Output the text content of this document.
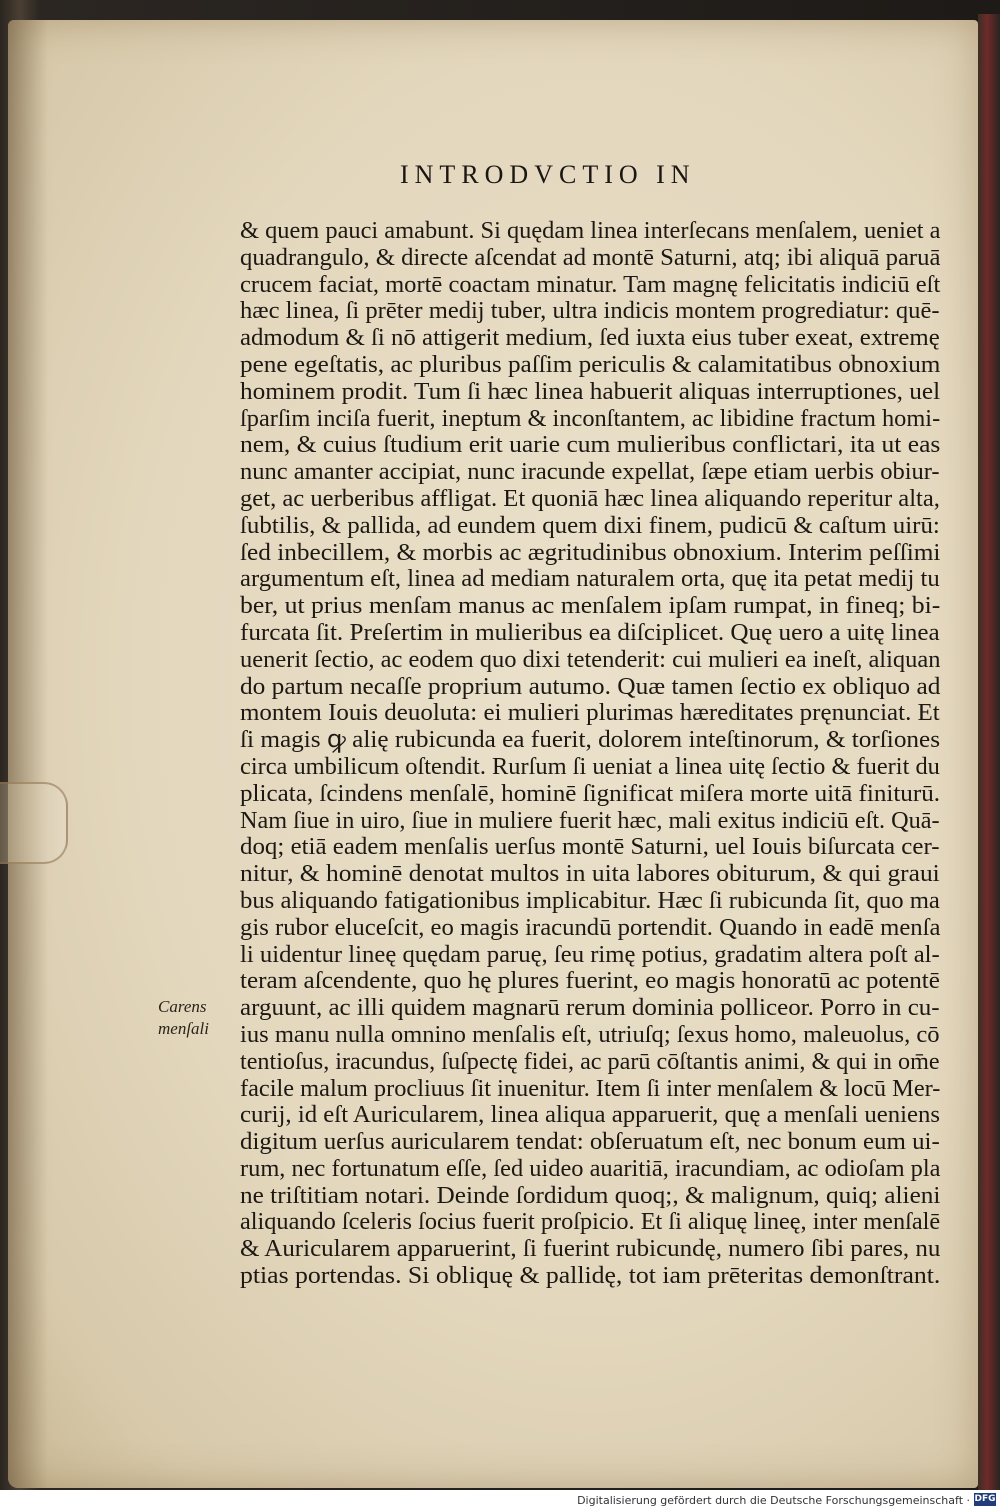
INTRODVCTIO IN
& quem pauci amabunt. Si quędam linea interſecans menſalem, ueniet a
quadrangulo, & directe aſcendat ad montē Saturni, atq; ibi aliquā paruā
crucem faciat, mortē coactam minatur. Tam magnę felicitatis indiciū eſt
hæc linea, ſi prēter medij tuber, ultra indicis montem progrediatur: quē-
admodum & ſi nō attigerit medium, ſed iuxta eius tuber exeat, extremę
pene egeſtatis, ac pluribus paſſim periculis & calamitatibus obnoxium
hominem prodit. Tum ſi hæc linea habuerit aliquas interruptiones, uel
ſparſim inciſa fuerit, ineptum & inconſtantem, ac libidine fractum homi-
nem, & cuius ſtudium erit uarie cum mulieribus conflictari, ita ut eas
nunc amanter accipiat, nunc iracunde expellat, ſæpe etiam uerbis obiur-
get, ac uerberibus affligat. Et quoniā hæc linea aliquando reperitur alta,
ſubtilis, & pallida, ad eundem quem dixi finem, pudicū & caſtum uirū:
ſed inbecillem, & morbis ac ægritudinibus obnoxium. Interim peſſimi
argumentum eſt, linea ad mediam naturalem orta, quę ita petat medij tu
ber, ut prius menſam manus ac menſalem ipſam rumpat, in fineq; bi-
furcata ſit. Preſertim in mulieribus ea diſciplicet. Quę uero a uitę linea
uenerit ſectio, ac eodem quo dixi tetenderit: cui mulieri ea ineſt, aliquan
do partum necaſſe proprium autumo. Quæ tamen ſectio ex obliquo ad
montem Iouis deuoluta: ei mulieri plurimas hæreditates pręnunciat. Et
ſi magis ꝙ alię rubicunda ea fuerit, dolorem inteſtinorum, & torſiones
circa umbilicum oſtendit. Rurſum ſi ueniat a linea uitę ſectio & fuerit du
plicata, ſcindens menſalē, hominē ſignificat miſera morte uitā finiturū.
Nam ſiue in uiro, ſiue in muliere fuerit hæc, mali exitus indiciū eſt. Quā-
doq; etiā eadem menſalis uerſus montē Saturni, uel Iouis biſurcata cer-
nitur, & hominē denotat multos in uita labores obiturum, & qui graui
bus aliquando fatigationibus implicabitur. Hæc ſi rubicunda ſit, quo ma
gis rubor eluceſcit, eo magis iracundū portendit. Quando in eadē menſa
li uidentur lineę quędam paruę, ſeu rimę potius, gradatim altera poſt al-
teram aſcendente, quo hę plures fuerint, eo magis honoratū ac potentē
arguunt, ac illi quidem magnarū rerum dominia polliceor. Porro in cu-
ius manu nulla omnino menſalis eſt, utriuſq; ſexus homo, maleuolus, cō
tentioſus, iracundus, ſuſpectę fidei, ac parū cōſtantis animi, & qui in om̄e
facile malum procliuus ſit inuenitur. Item ſi inter menſalem & locū Mer-
curij, id eſt Auricularem, linea aliqua apparuerit, quę a menſali ueniens
digitum uerſus auricularem tendat: obſeruatum eſt, nec bonum eum ui-
rum, nec fortunatum eſſe, ſed uideo auaritiā, iracundiam, ac odioſam pla
ne triſtitiam notari. Deinde ſordidum quoq;, & malignum, quiq; alieni
aliquando ſceleris ſocius fuerit proſpicio. Et ſi aliquę lineę, inter menſalē
& Auricularem apparuerint, ſi fuerint rubicundę, numero ſibi pares, nu
ptias portendas. Si obliquę & pallidę, tot iam prēteritas demonſtrant.
Carens
menſali
Digitalisierung gefördert durch die Deutsche Forschungsgemeinschaft · DFG
